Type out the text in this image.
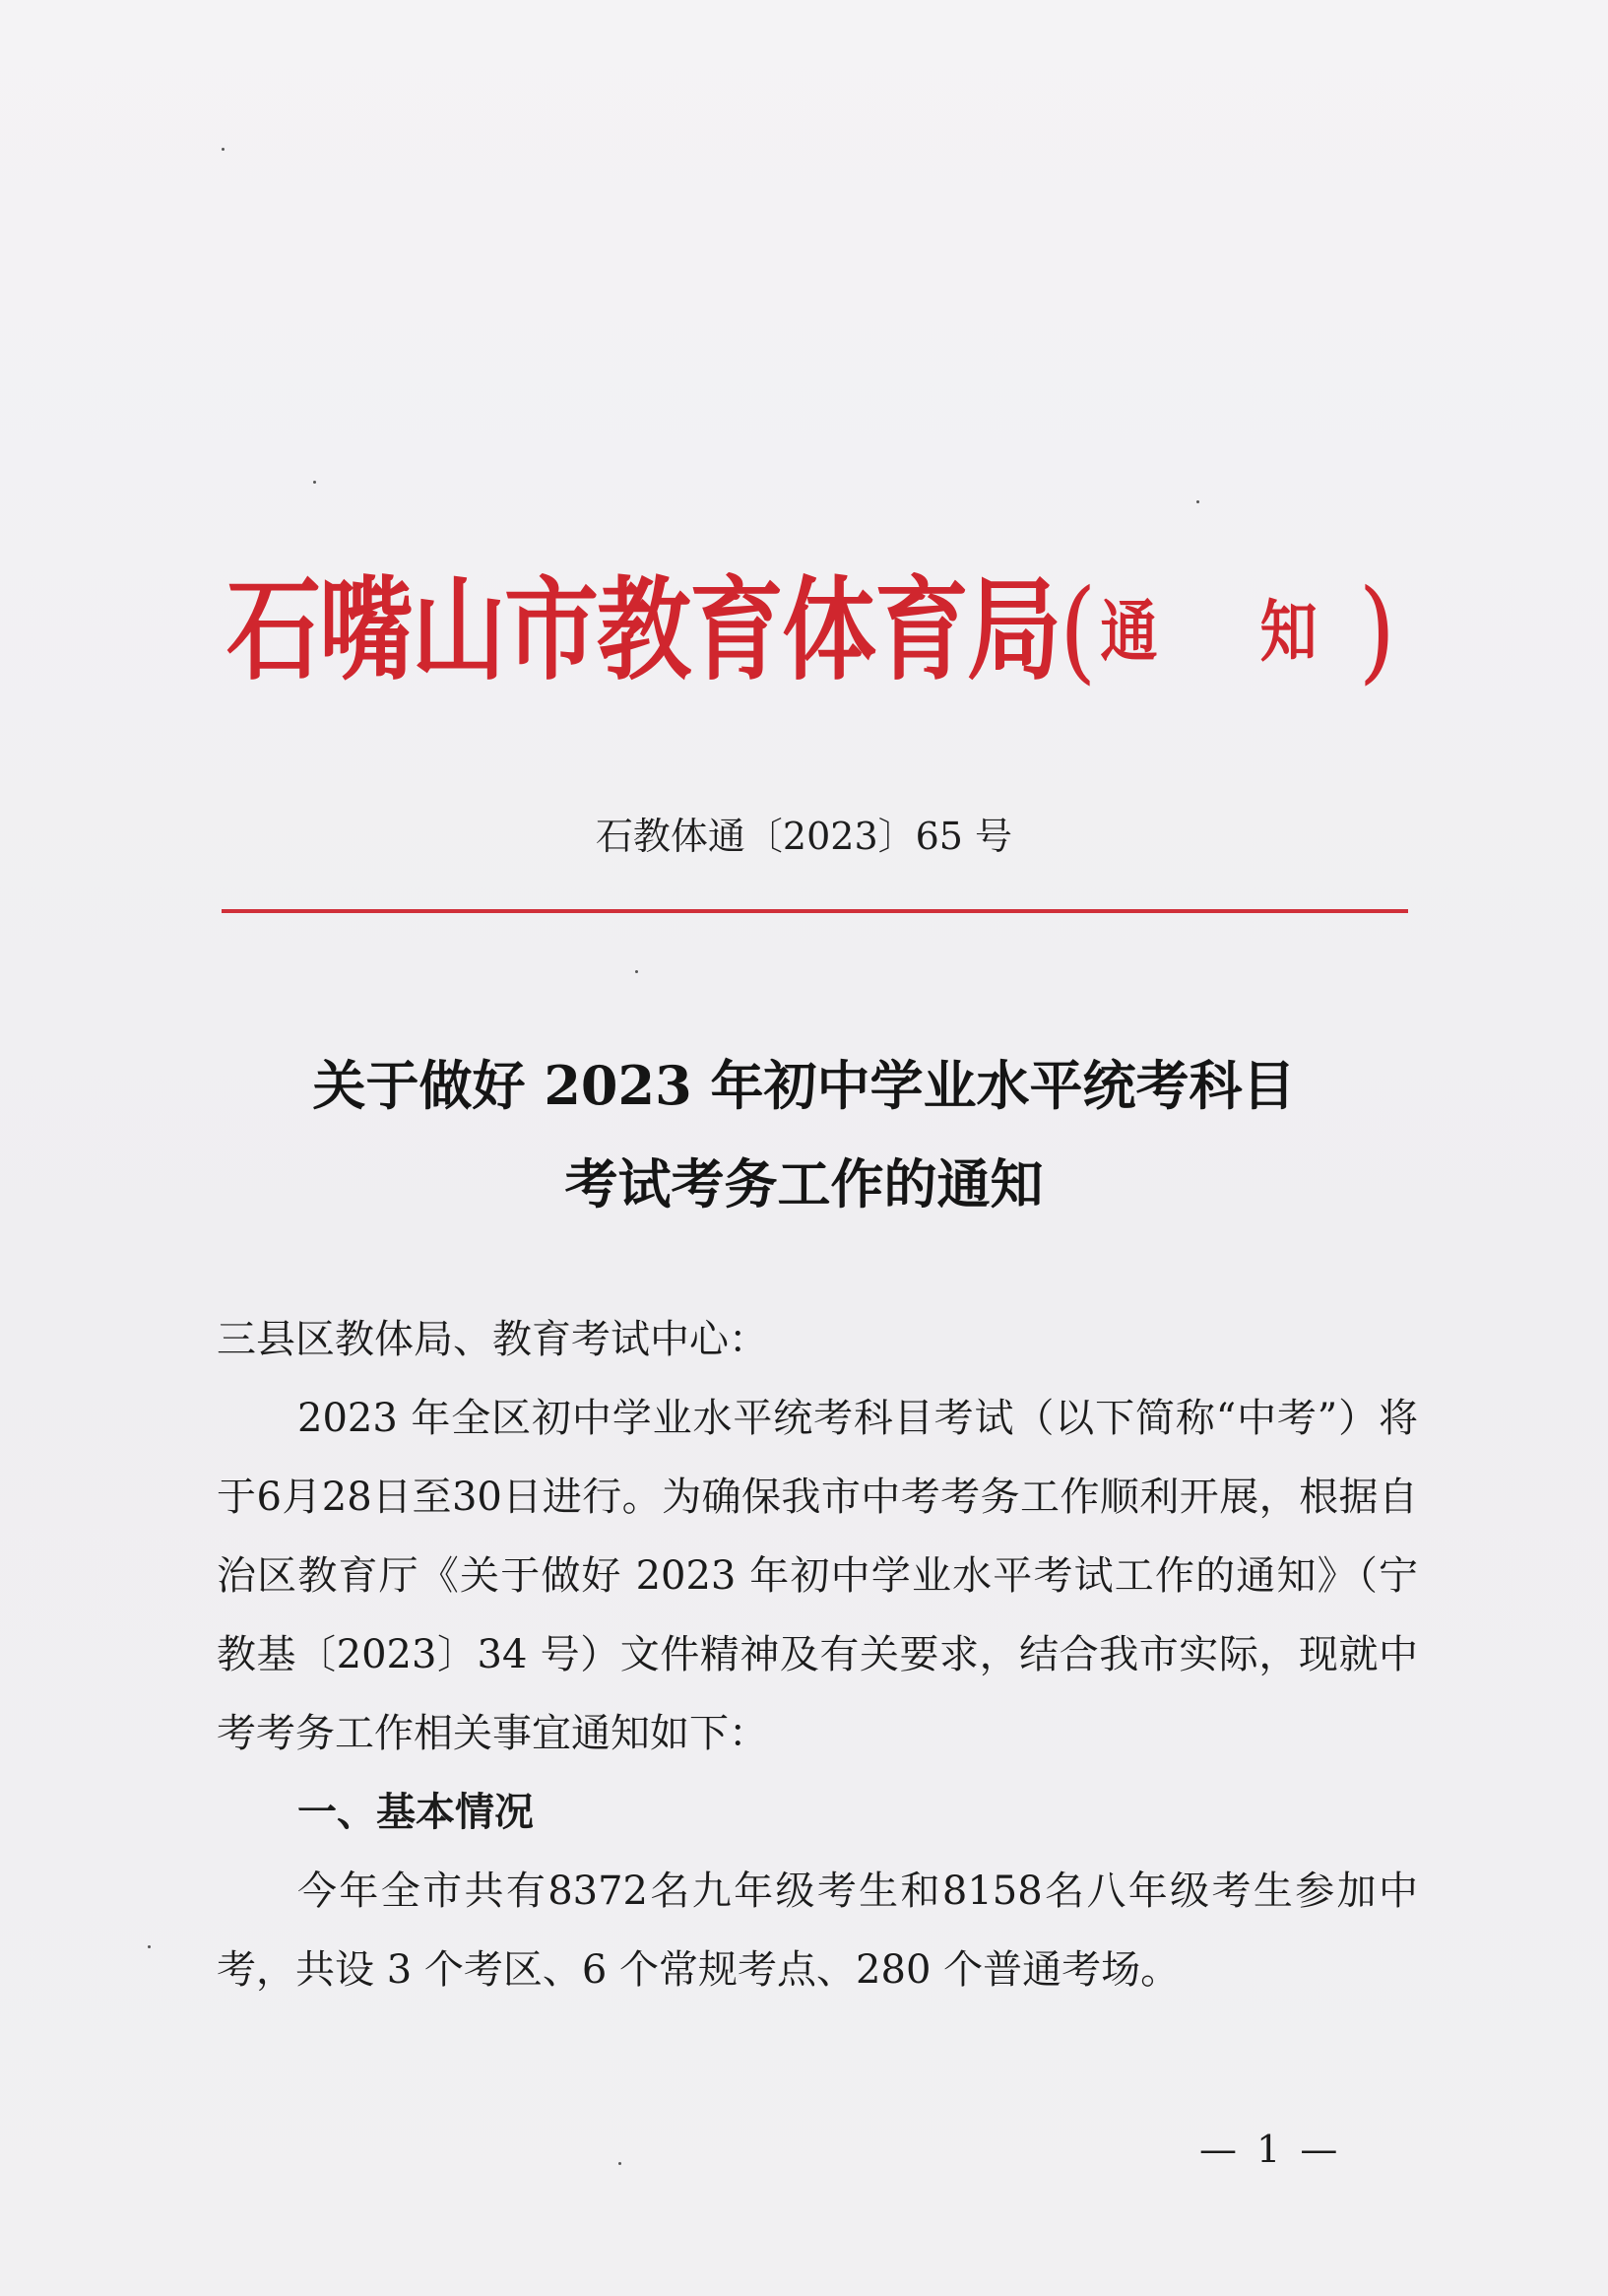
石嘴山市教育体育局( 通 知)
石教体通〔2023〕65 号
关于做好 2023 年初中学业水平统考科目
考试考务工作的通知

三县区教体局、教育考试中心：

2023 年全区初中学业水平统考科目考试（以下简称“中考”）将于6月28日至30日进行。为确保我市中考考务工作顺利开展，根据自治区教育厅《关于做好 2023 年初中学业水平考试工作的通知》（宁教基〔2023〕34 号）文件精神及有关要求，结合我市实际，现就中考考务工作相关事宜通知如下：

一、基本情况

今年全市共有8372名九年级考生和8158名八年级考生参加中考，共设 3 个考区、6 个常规考点、280 个普通考场。

— 1 —
